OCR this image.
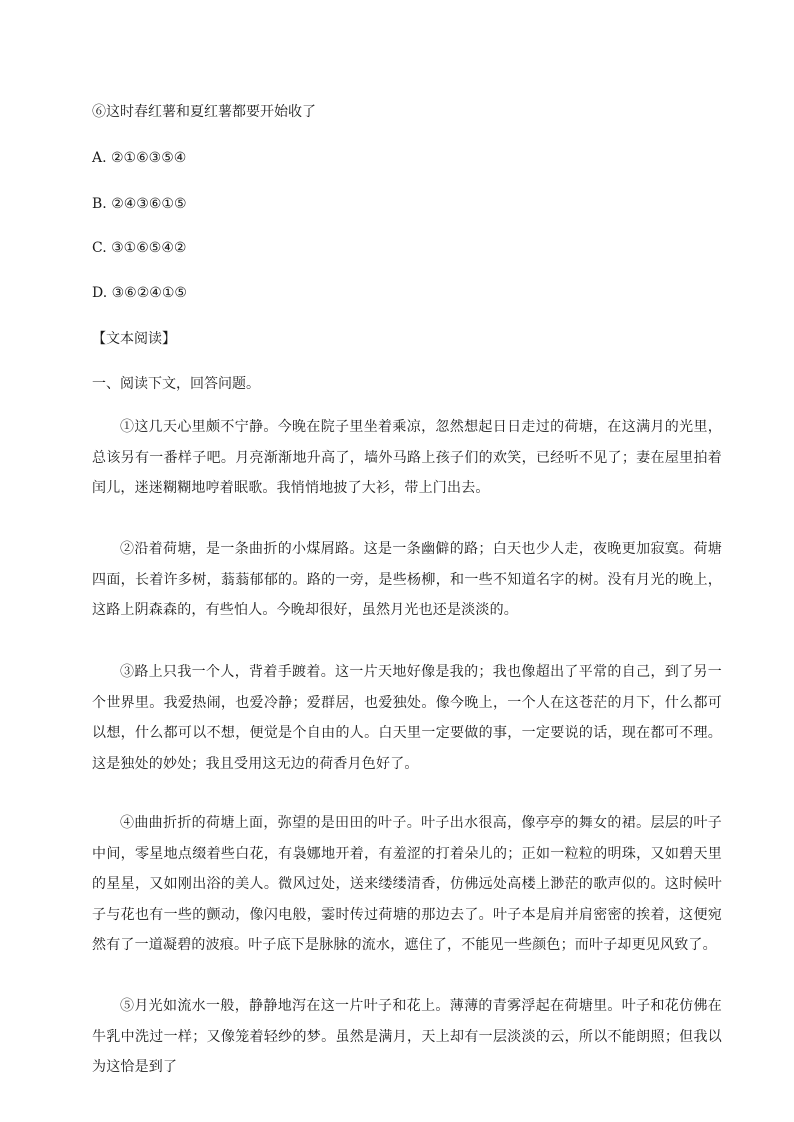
⑥这时春红薯和夏红薯都要开始收了
A. ②①⑥③⑤④
B. ②④③⑥①⑤
C. ③①⑥⑤④②
D. ③⑥②④①⑤
【文本阅读】
一、阅读下文，回答问题。
①这几天心里颇不宁静。今晚在院子里坐着乘凉，忽然想起日日走过的荷塘，在这满月的光里，总该另有一番样子吧。月亮渐渐地升高了，墙外马路上孩子们的欢笑，已经听不见了；妻在屋里拍着闰儿，迷迷糊糊地哼着眠歌。我悄悄地披了大衫，带上门出去。
②沿着荷塘，是一条曲折的小煤屑路。这是一条幽僻的路；白天也少人走，夜晚更加寂寞。荷塘四面，长着许多树，蓊蓊郁郁的。路的一旁，是些杨柳，和一些不知道名字的树。没有月光的晚上，这路上阴森森的，有些怕人。今晚却很好，虽然月光也还是淡淡的。
③路上只我一个人，背着手踱着。这一片天地好像是我的；我也像超出了平常的自己，到了另一个世界里。我爱热闹，也爱冷静；爱群居，也爱独处。像今晚上，一个人在这苍茫的月下，什么都可以想，什么都可以不想，便觉是个自由的人。白天里一定要做的事，一定要说的话，现在都可不理。这是独处的妙处；我且受用这无边的荷香月色好了。
④曲曲折折的荷塘上面，弥望的是田田的叶子。叶子出水很高，像亭亭的舞女的裙。层层的叶子中间，零星地点缀着些白花，有袅娜地开着，有羞涩的打着朵儿的；正如一粒粒的明珠，又如碧天里的星星，又如刚出浴的美人。微风过处，送来缕缕清香，仿佛远处高楼上渺茫的歌声似的。这时候叶子与花也有一些的颤动，像闪电般，霎时传过荷塘的那边去了。叶子本是肩并肩密密的挨着，这便宛然有了一道凝碧的波痕。叶子底下是脉脉的流水，遮住了，不能见一些颜色；而叶子却更见风致了。
⑤月光如流水一般，静静地泻在这一片叶子和花上。薄薄的青雾浮起在荷塘里。叶子和花仿佛在牛乳中洗过一样；又像笼着轻纱的梦。虽然是满月，天上却有一层淡淡的云，所以不能朗照；但我以为这恰是到了
